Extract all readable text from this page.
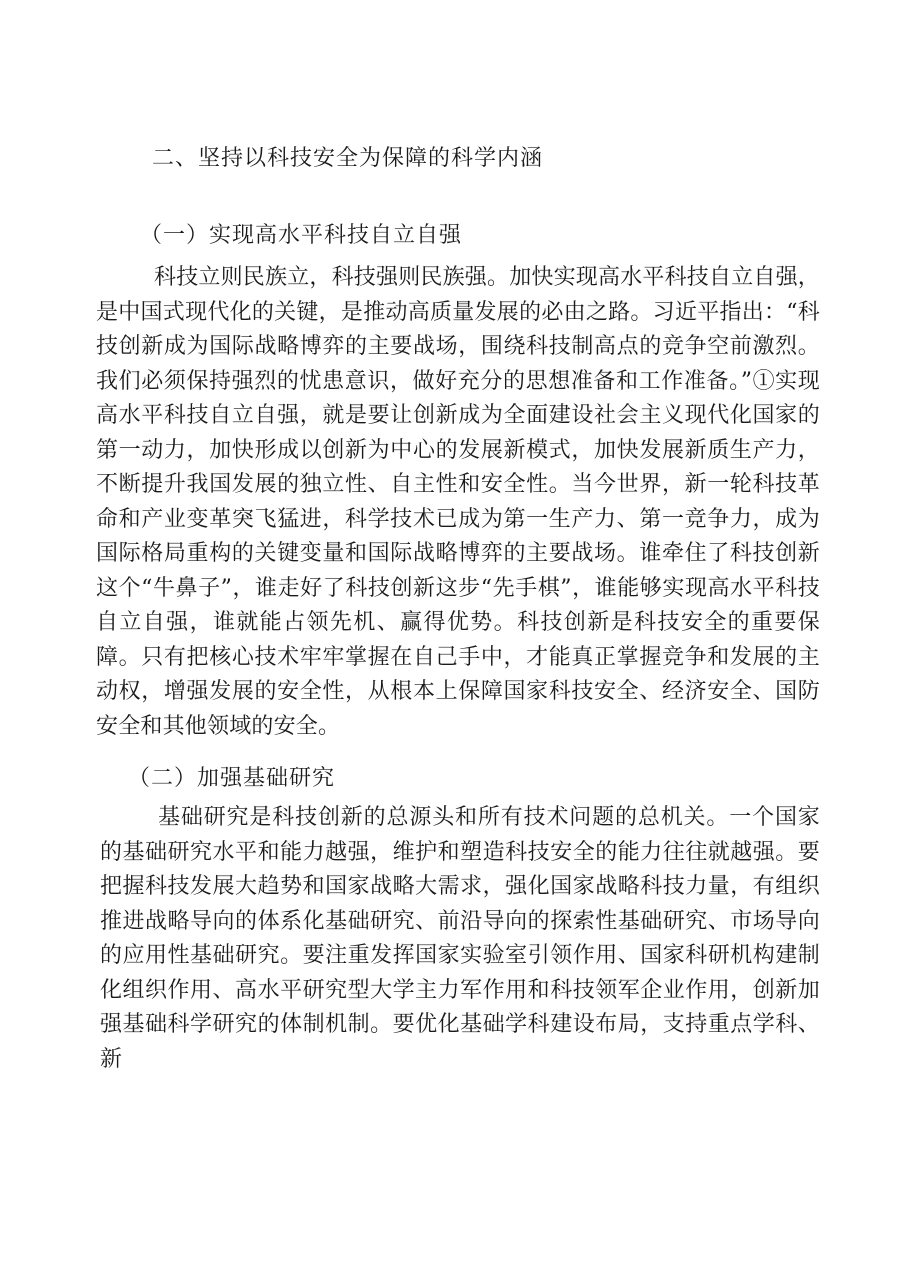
二、坚持以科技安全为保障的科学内涵
（一）实现高水平科技自立自强
科技立则民族立，科技强则民族强。加快实现高水平科技自立自强，是中国式现代化的关键，是推动高质量发展的必由之路。习近平指出：“科技创新成为国际战略博弈的主要战场，围绕科技制高点的竞争空前激烈。我们必须保持强烈的忧患意识，做好充分的思想准备和工作准备。”①实现高水平科技自立自强，就是要让创新成为全面建设社会主义现代化国家的第一动力，加快形成以创新为中心的发展新模式，加快发展新质生产力，不断提升我国发展的独立性、自主性和安全性。当今世界，新一轮科技革命和产业变革突飞猛进，科学技术已成为第一生产力、第一竞争力，成为国际格局重构的关键变量和国际战略博弈的主要战场。谁牵住了科技创新这个“牛鼻子”，谁走好了科技创新这步“先手棋”，谁能够实现高水平科技自立自强，谁就能占领先机、赢得优势。科技创新是科技安全的重要保障。只有把核心技术牢牢掌握在自己手中，才能真正掌握竞争和发展的主动权，增强发展的安全性，从根本上保障国家科技安全、经济安全、国防安全和其他领域的安全。
（二）加强基础研究
基础研究是科技创新的总源头和所有技术问题的总机关。一个国家的基础研究水平和能力越强，维护和塑造科技安全的能力往往就越强。要把握科技发展大趋势和国家战略大需求，强化国家战略科技力量，有组织推进战略导向的体系化基础研究、前沿导向的探索性基础研究、市场导向的应用性基础研究。要注重发挥国家实验室引领作用、国家科研机构建制化组织作用、高水平研究型大学主力军作用和科技领军企业作用，创新加强基础科学研究的体制机制。要优化基础学科建设布局，支持重点学科、新
